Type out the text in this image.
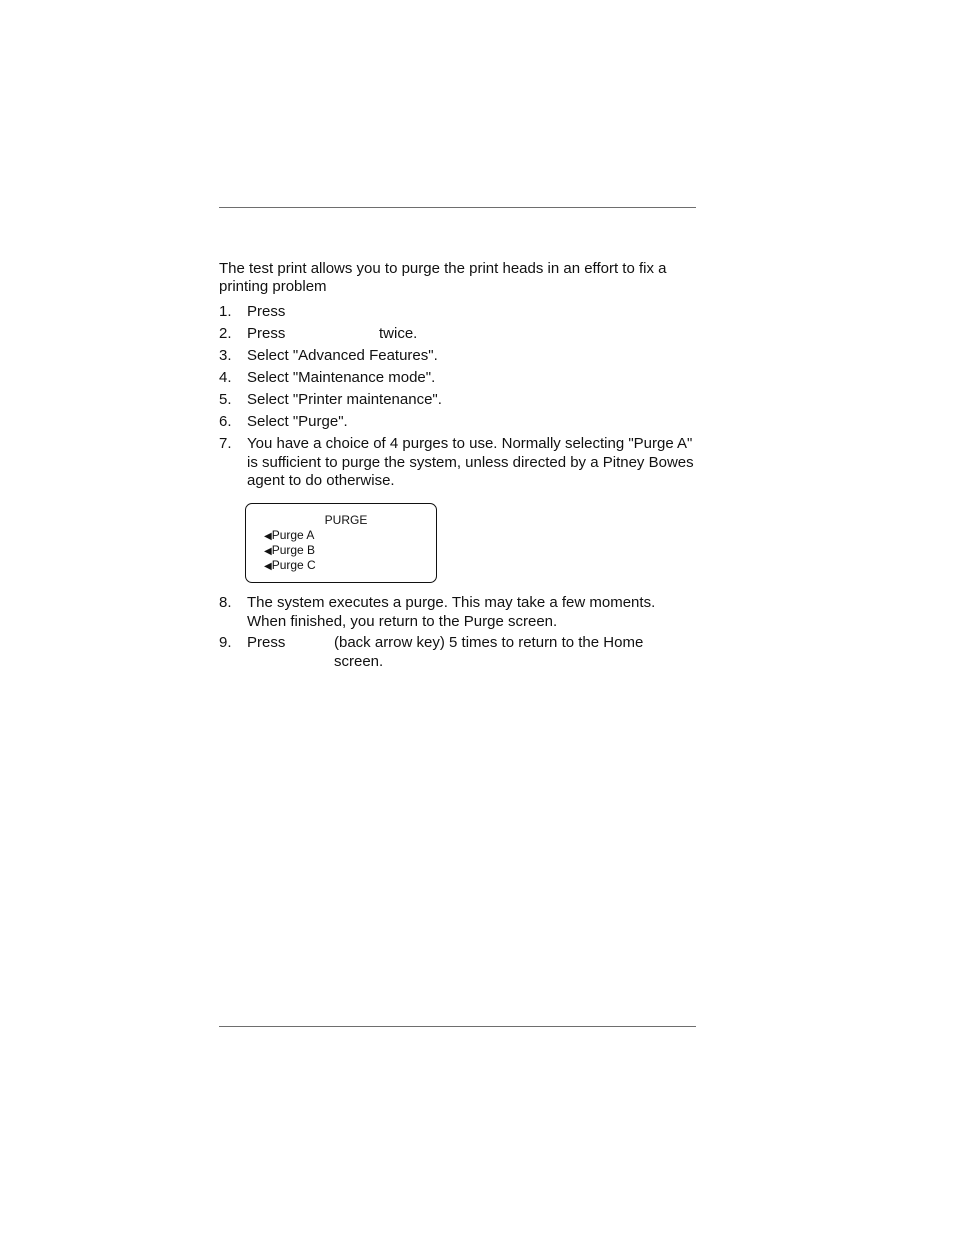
The test print allows you to purge the print heads in an effort to fix a printing problem

1.	Press
2.	Press	twice.
3.	Select "Advanced Features".
4.	Select "Maintenance mode".
5.	Select "Printer maintenance".
6.	Select "Purge".
7.	You have a choice of 4 purges to use. Normally selecting "Purge A" is sufficient to purge the system, unless directed by a Pitney Bowes agent to do otherwise.
PURGE
◀Purge A
◀Purge B
◀Purge C
8.	The system executes a purge. This may take a few moments. When finished, you return to the Purge screen.
9.	Press	(back arrow key) 5 times to return to the Home screen.
